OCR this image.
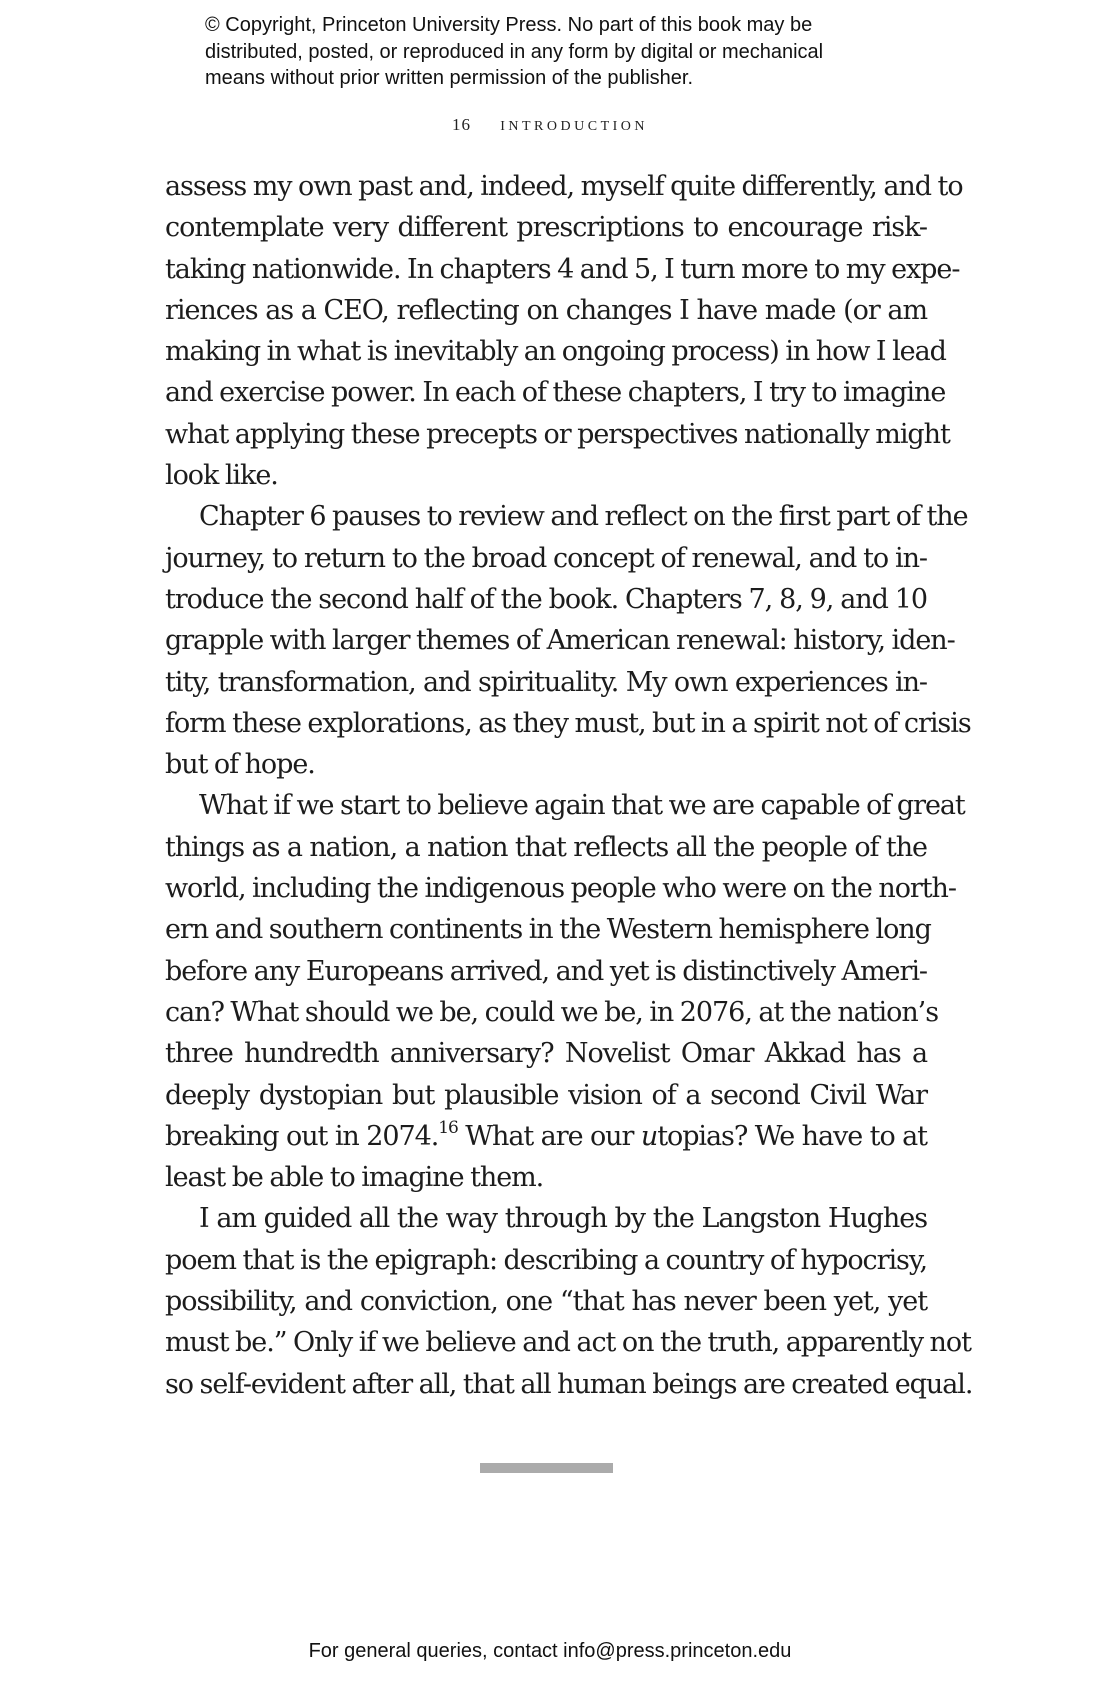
© Copyright, Princeton University Press. No part of this book may be
distributed, posted, or reproduced in any form by digital or mechanical
means without prior written permission of the publisher.
16 introduction
assess my own past and, indeed, myself quite differently, and to
contemplate very different prescriptions to encourage risk-
taking nationwide. In chapters 4 and 5, I turn more to my expe-
riences as a CEO, reflecting on changes I have made (or am
making in what is inevitably an ongoing process) in how I lead
and exercise power. In each of these chapters, I try to imagine
what applying these precepts or perspectives nationally might
look like.
Chapter 6 pauses to review and reflect on the first part of the
journey, to return to the broad concept of renewal, and to in-
troduce the second half of the book. Chapters 7, 8, 9, and 10
grapple with larger themes of American renewal: history, iden-
tity, transformation, and spirituality. My own experiences in-
form these explorations, as they must, but in a spirit not of crisis
but of hope.
What if we start to believe again that we are capable of great
things as a nation, a nation that reflects all the people of the
world, including the indigenous people who were on the north-
ern and southern continents in the Western hemisphere long
before any Europeans arrived, and yet is distinctively Ameri-
can? What should we be, could we be, in 2076, at the nation’s
three hundredth anniversary? Novelist Omar Akkad has a
deeply dystopian but plausible vision of a second Civil War
breaking out in 2074.16 What are our utopias? We have to at
least be able to imagine them.
I am guided all the way through by the Langston Hughes
poem that is the epigraph: describing a country of hypocrisy,
possibility, and conviction, one “that has never been yet, yet
must be.” Only if we believe and act on the truth, apparently not
so self-evident after all, that all human beings are created equal.
For general queries, contact info@press.princeton.edu
